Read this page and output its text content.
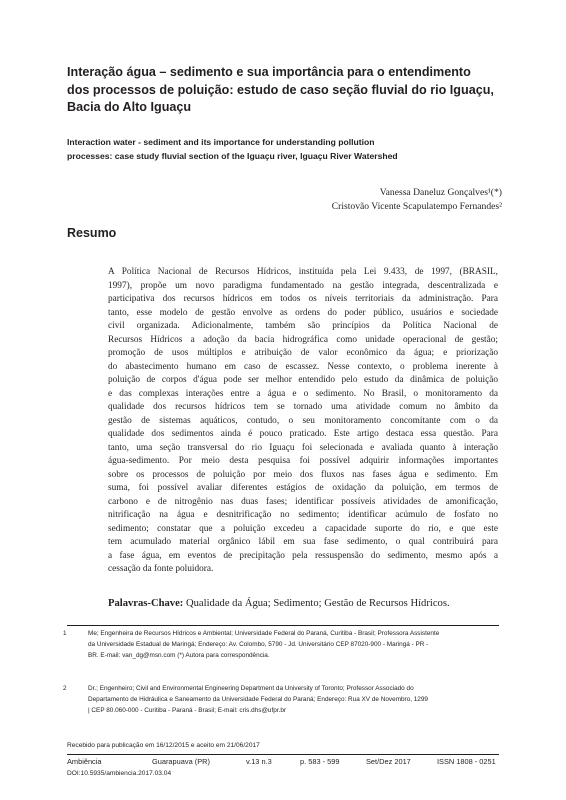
Interação água – sedimento e sua importância para o entendimento
dos processos de poluição: estudo de caso seção fluvial do rio Iguaçu,
Bacia do Alto Iguaçu
Interaction water - sediment and its importance for understanding pollution
processes: case study fluvial section of the Iguaçu river, Iguaçu River Watershed
Vanessa Daneluz Gonçalves¹(*)
Cristovão Vicente Scapulatempo Fernandes²
Resumo
A Política Nacional de Recursos Hídricos, instituída pela Lei 9.433, de 1997, (BRASIL,
1997), propõe um novo paradigma fundamentado na gestão integrada, descentralizada e
participativa dos recursos hídricos em todos os níveis territoriais da administração. Para
tanto, esse modelo de gestão envolve as ordens do poder público, usuários e sociedade
civil organizada. Adicionalmente, também são princípios da Política Nacional de
Recursos Hídricos a adoção da bacia hidrográfica como unidade operacional de gestão;
promoção de usos múltiplos e atribuição de valor econômico da água; e priorização
do abastecimento humano em caso de escassez. Nesse contexto, o problema inerente à
poluição de corpos d'água pode ser melhor entendido pelo estudo da dinâmica de poluição
e das complexas interações entre a água e o sedimento. No Brasil, o monitoramento da
qualidade dos recursos hídricos tem se tornado uma atividade comum no âmbito da
gestão de sistemas aquáticos, contudo, o seu monitoramento concomitante com o da
qualidade dos sedimentos ainda é pouco praticado. Este artigo destaca essa questão. Para
tanto, uma seção transversal do rio Iguaçu foi selecionada e avaliada quanto à interação
água-sedimento. Por meio desta pesquisa foi possível adquirir informações importantes
sobre os processos de poluição por meio dos fluxos nas fases água e sedimento. Em
suma, foi possível avaliar diferentes estágios de oxidação da poluição, em termos de
carbono e de nitrogênio nas duas fases; identificar possíveis atividades de amonificação,
nitrificação na água e desnitrificação no sedimento; identificar acúmulo de fosfato no
sedimento; constatar que a poluição excedeu a capacidade suporte do rio, e que este
tem acumulado material orgânico lábil em sua fase sedimento, o qual contribuirá para
a fase água, em eventos de precipitação pela ressuspensão do sedimento, mesmo após a
cessação da fonte poluidora.
Palavras-Chave: Qualidade da Água; Sedimento; Gestão de Recursos Hídricos.
1	Me; Engenheira de Recursos Hídricos e Ambiental; Universidade Federal do Paraná, Curitiba - Brasil; Professora Assistente
da Universidade Estadual de Maringá; Endereço: Av. Colombo, 5790 - Jd. Universitário CEP 87020-900 - Maringá - PR -
BR. E-mail: van_dg@msn.com (*) Autora para correspondência.
2	Dr.; Engenheiro; Civil and Environmental Engineering Department da University of Toronto; Professor Associado do
Departamento de Hidráulica e Saneamento da Universidade Federal do Paraná; Endereço: Rua XV de Novembro, 1299
| CEP 80.060-000 - Curitiba - Paraná - Brasil; E-mail: cris.dhs@ufpr.br
Recebido para publicação em 16/12/2015 e aceito em 21/06/2017
Ambiência	Guarapuava (PR)	v.13 n.3	p. 583 - 599	Set/Dez 2017	ISSN 1808 - 0251
DOI:10.5935/ambiencia.2017.03.04
